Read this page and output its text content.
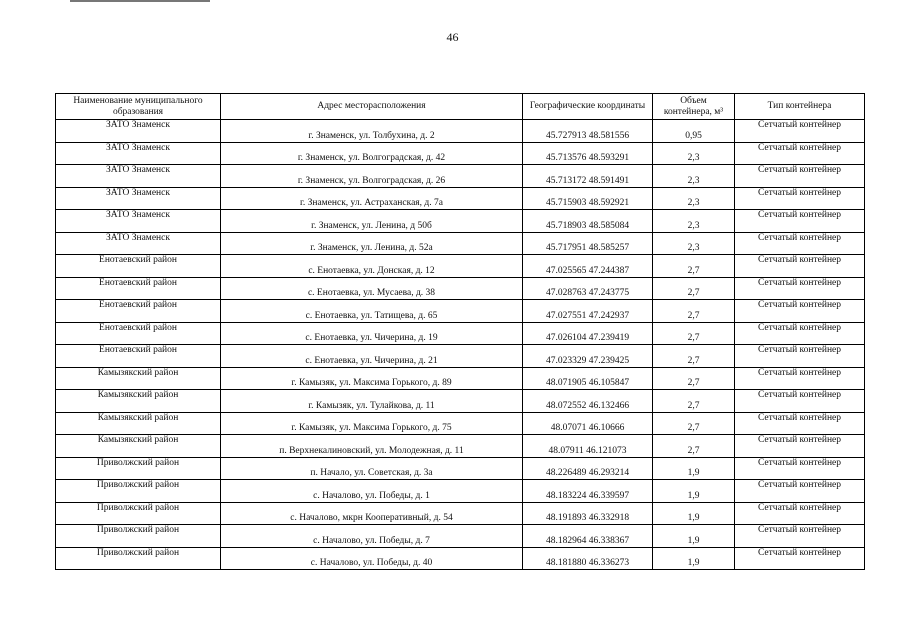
46
Наименование муниципального образования	Адрес месторасположения	Географические координаты	Объем контейнера, м³	Тип контейнера
ЗАТО Знаменск	г. Знаменск, ул. Толбухина, д. 2	45.727913 48.581556	0,95	Сетчатый контейнер
ЗАТО Знаменск	г. Знаменск, ул. Волгоградская, д. 42	45.713576 48.593291	2,3	Сетчатый контейнер
ЗАТО Знаменск	г. Знаменск, ул. Волгоградская, д. 26	45.713172 48.591491	2,3	Сетчатый контейнер
ЗАТО Знаменск	г. Знаменск, ул. Астраханская, д. 7а	45.715903 48.592921	2,3	Сетчатый контейнер
ЗАТО Знаменск	г. Знаменск, ул. Ленина, д 50б	45.718903 48.585084	2,3	Сетчатый контейнер
ЗАТО Знаменск	г. Знаменск, ул. Ленина, д. 52а	45.717951 48.585257	2,3	Сетчатый контейнер
Енотаевский район	с. Енотаевка, ул. Донская, д. 12	47.025565 47.244387	2,7	Сетчатый контейнер
Енотаевский район	с. Енотаевка, ул. Мусаева, д. 38	47.028763 47.243775	2,7	Сетчатый контейнер
Енотаевский район	с. Енотаевка, ул. Татищева, д. 65	47.027551 47.242937	2,7	Сетчатый контейнер
Енотаевский район	с. Енотаевка, ул. Чичерина, д. 19	47.026104 47.239419	2,7	Сетчатый контейнер
Енотаевский район	с. Енотаевка, ул. Чичерина, д. 21	47.023329 47.239425	2,7	Сетчатый контейнер
Камызякский район	г. Камызяк, ул. Максима Горького, д. 89	48.071905 46.105847	2,7	Сетчатый контейнер
Камызякский район	г. Камызяк, ул. Тулайкова, д. 11	48.072552 46.132466	2,7	Сетчатый контейнер
Камызякский район	г. Камызяк, ул. Максима Горького, д. 75	48.07071 46.10666	2,7	Сетчатый контейнер
Камызякский район	п. Верхнекалиновский, ул. Молодежная, д. 11	48.07911 46.121073	2,7	Сетчатый контейнер
Приволжский район	п. Начало, ул. Советская, д. 3а	48.226489 46.293214	1,9	Сетчатый контейнер
Приволжский район	с. Началово, ул. Победы, д. 1	48.183224 46.339597	1,9	Сетчатый контейнер
Приволжский район	с. Началово, мкрн Кооперативный, д. 54	48.191893 46.332918	1,9	Сетчатый контейнер
Приволжский район	с. Началово, ул. Победы, д. 7	48.182964 46.338367	1,9	Сетчатый контейнер
Приволжский район	с. Началово, ул. Победы, д. 40	48.181880 46.336273	1,9	Сетчатый контейнер
